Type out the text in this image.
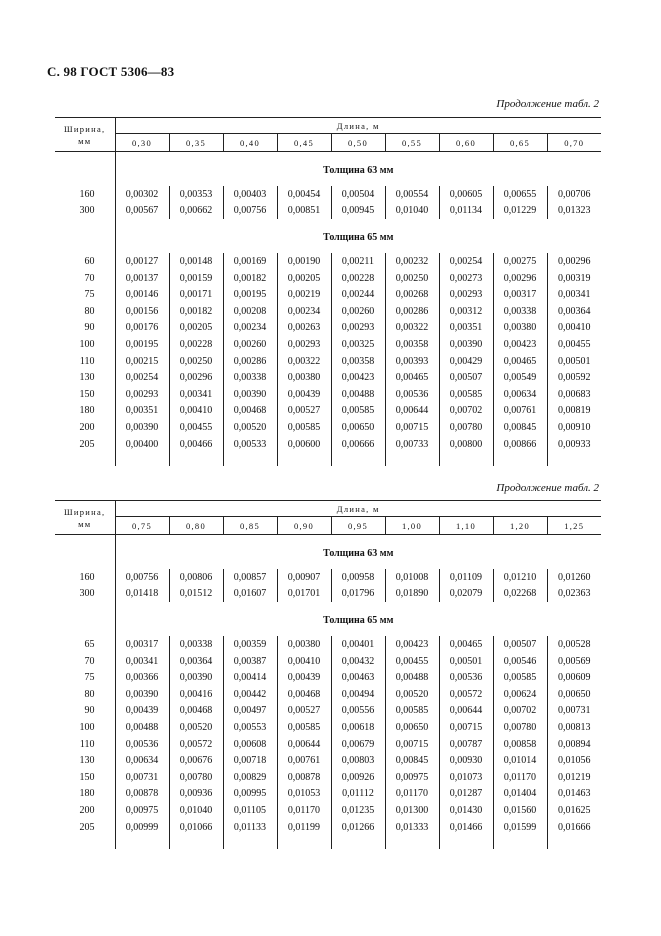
С. 98 ГОСТ 5306—83
Продолжение табл. 2
Ширина,
мм	Длина, м								
	0,30	0,35	0,40	0,45	0,50	0,55	0,60	0,65	0,70
	Толщина 63 мм								
160	0,00302	0,00353	0,00403	0,00454	0,00504	0,00554	0,00605	0,00655	0,00706
300	0,00567	0,00662	0,00756	0,00851	0,00945	0,01040	0,01134	0,01229	0,01323
	Толщина 65 мм								
60	0,00127	0,00148	0,00169	0,00190	0,00211	0,00232	0,00254	0,00275	0,00296
70	0,00137	0,00159	0,00182	0,00205	0,00228	0,00250	0,00273	0,00296	0,00319
75	0,00146	0,00171	0,00195	0,00219	0,00244	0,00268	0,00293	0,00317	0,00341
80	0,00156	0,00182	0,00208	0,00234	0,00260	0,00286	0,00312	0,00338	0,00364
90	0,00176	0,00205	0,00234	0,00263	0,00293	0,00322	0,00351	0,00380	0,00410
100	0,00195	0,00228	0,00260	0,00293	0,00325	0,00358	0,00390	0,00423	0,00455
110	0,00215	0,00250	0,00286	0,00322	0,00358	0,00393	0,00429	0,00465	0,00501
130	0,00254	0,00296	0,00338	0,00380	0,00423	0,00465	0,00507	0,00549	0,00592
150	0,00293	0,00341	0,00390	0,00439	0,00488	0,00536	0,00585	0,00634	0,00683
180	0,00351	0,00410	0,00468	0,00527	0,00585	0,00644	0,00702	0,00761	0,00819
200	0,00390	0,00455	0,00520	0,00585	0,00650	0,00715	0,00780	0,00845	0,00910
205	0,00400	0,00466	0,00533	0,00600	0,00666	0,00733	0,00800	0,00866	0,00933

Продолжение табл. 2
Ширина,
мм	Длина, м								
	0,75	0,80	0,85	0,90	0,95	1,00	1,10	1,20	1,25
	Толщина 63 мм								
160	0,00756	0,00806	0,00857	0,00907	0,00958	0,01008	0,01109	0,01210	0,01260
300	0,01418	0,01512	0,01607	0,01701	0,01796	0,01890	0,02079	0,02268	0,02363
	Толщина 65 мм								
65	0,00317	0,00338	0,00359	0,00380	0,00401	0,00423	0,00465	0,00507	0,00528
70	0,00341	0,00364	0,00387	0,00410	0,00432	0,00455	0,00501	0,00546	0,00569
75	0,00366	0,00390	0,00414	0,00439	0,00463	0,00488	0,00536	0,00585	0,00609
80	0,00390	0,00416	0,00442	0,00468	0,00494	0,00520	0,00572	0,00624	0,00650
90	0,00439	0,00468	0,00497	0,00527	0,00556	0,00585	0,00644	0,00702	0,00731
100	0,00488	0,00520	0,00553	0,00585	0,00618	0,00650	0,00715	0,00780	0,00813
110	0,00536	0,00572	0,00608	0,00644	0,00679	0,00715	0,00787	0,00858	0,00894
130	0,00634	0,00676	0,00718	0,00761	0,00803	0,00845	0,00930	0,01014	0,01056
150	0,00731	0,00780	0,00829	0,00878	0,00926	0,00975	0,01073	0,01170	0,01219
180	0,00878	0,00936	0,00995	0,01053	0,01112	0,01170	0,01287	0,01404	0,01463
200	0,00975	0,01040	0,01105	0,01170	0,01235	0,01300	0,01430	0,01560	0,01625
205	0,00999	0,01066	0,01133	0,01199	0,01266	0,01333	0,01466	0,01599	0,01666
